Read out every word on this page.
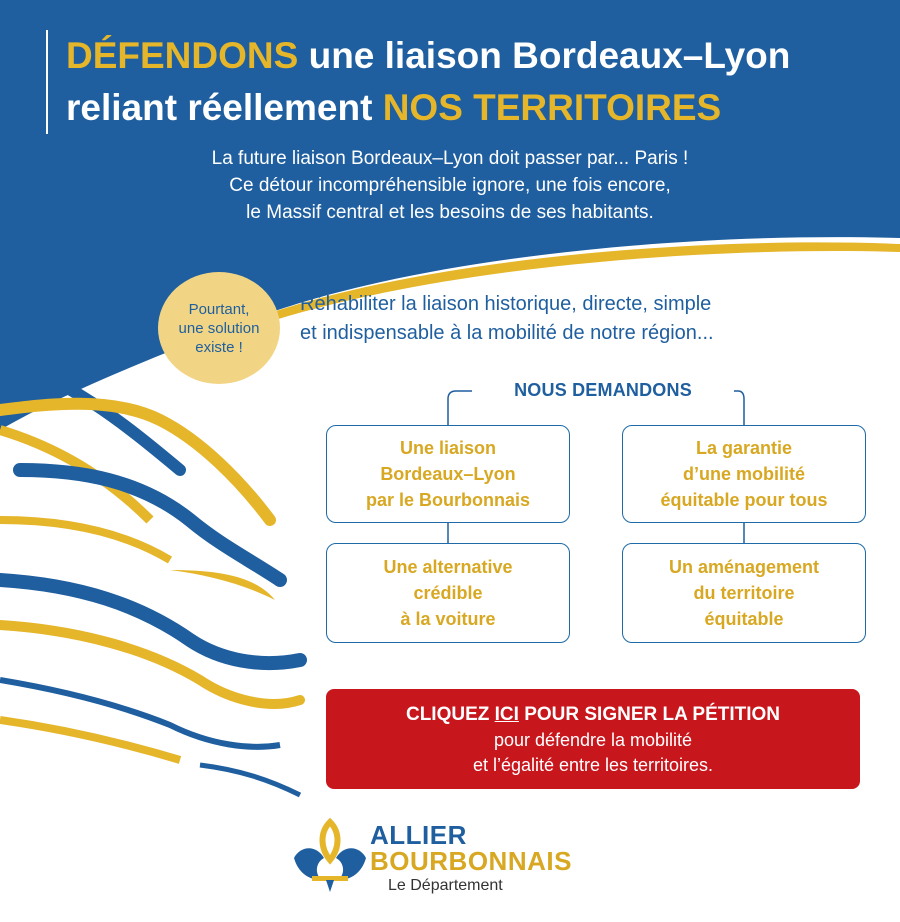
DÉFENDONS une liaison Bordeaux–Lyon
reliant réellement NOS TERRITOIRES
La future liaison Bordeaux–Lyon doit passer par... Paris !
Ce détour incompréhensible ignore, une fois encore,
le Massif central et les besoins de ses habitants.
Pourtant,
une solution
existe !
Réhabiliter la liaison historique, directe, simple
et indispensable à la mobilité de notre région...
NOUS DEMANDONS
Une liaison
Bordeaux–Lyon
par le Bourbonnais
La garantie
d’une mobilité
équitable pour tous
Une alternative
crédible
à la voiture
Un aménagement
du territoire
équitable
CLIQUEZ ICI POUR SIGNER LA PÉTITION
pour défendre la mobilité
et l’égalité entre les territoires.
ALLIER
BOURBONNAIS
Le Département
